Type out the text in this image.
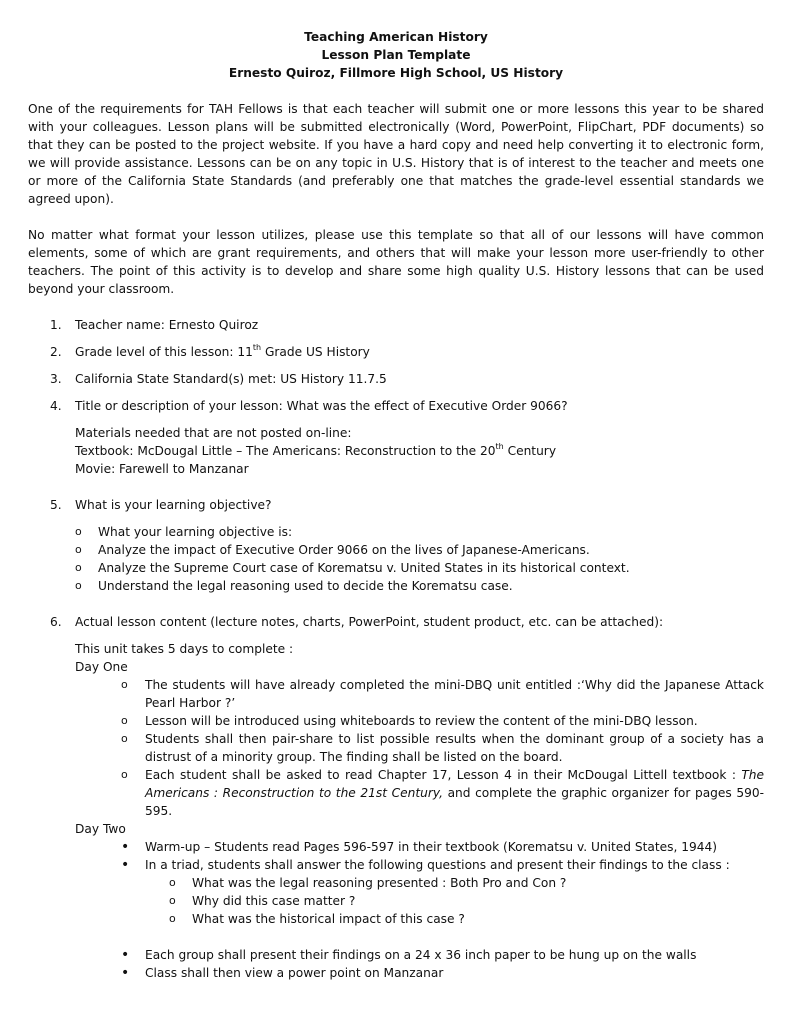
Teaching American History
Lesson Plan Template
Ernesto Quiroz, Fillmore High School, US History

One of the requirements for TAH Fellows is that each teacher will submit one or more lessons this year to be shared with your colleagues. Lesson plans will be submitted electronically (Word, PowerPoint, FlipChart, PDF documents) so that they can be posted to the project website. If you have a hard copy and need help converting it to electronic form, we will provide assistance. Lessons can be on any topic in U.S. History that is of interest to the teacher and meets one or more of the California State Standards (and preferably one that matches the grade-level essential standards we agreed upon).

No matter what format your lesson utilizes, please use this template so that all of our lessons will have common elements, some of which are grant requirements, and others that will make your lesson more user-friendly to other teachers. The point of this activity is to develop and share some high quality U.S. History lessons that can be used beyond your classroom.

1. Teacher name: Ernesto Quiroz
2. Grade level of this lesson: 11th Grade US History
3. California State Standard(s) met: US History 11.7.5
4. Title or description of your lesson: What was the effect of Executive Order 9066?
Materials needed that are not posted on-line:
Textbook: McDougal Little – The Americans: Reconstruction to the 20th Century
Movie: Farewell to Manzanar
5. What is your learning objective?
o What your learning objective is:
o Analyze the impact of Executive Order 9066 on the lives of Japanese-Americans.
o Analyze the Supreme Court case of Korematsu v. United States in its historical context.
o Understand the legal reasoning used to decide the Korematsu case.
6. Actual lesson content (lecture notes, charts, PowerPoint, student product, etc. can be attached):
This unit takes 5 days to complete :
Day One
o The students will have already completed the mini-DBQ unit entitled :‘Why did the Japanese Attack Pearl Harbor ?’
o Lesson will be introduced using whiteboards to review the content of the mini-DBQ lesson.
o Students shall then pair-share to list possible results when the dominant group of a society has a distrust of a minority group. The finding shall be listed on the board.
o Each student shall be asked to read Chapter 17, Lesson 4 in their McDougal Littell textbook : The Americans : Reconstruction to the 21st Century, and complete the graphic organizer for pages 590-595.
Day Two
• Warm-up – Students read Pages 596-597 in their textbook (Korematsu v. United States, 1944)
• In a triad, students shall answer the following questions and present their findings to the class :
o What was the legal reasoning presented : Both Pro and Con ?
o Why did this case matter ?
o What was the historical impact of this case ?
• Each group shall present their findings on a 24 x 36 inch paper to be hung up on the walls
• Class shall then view a power point on Manzanar
